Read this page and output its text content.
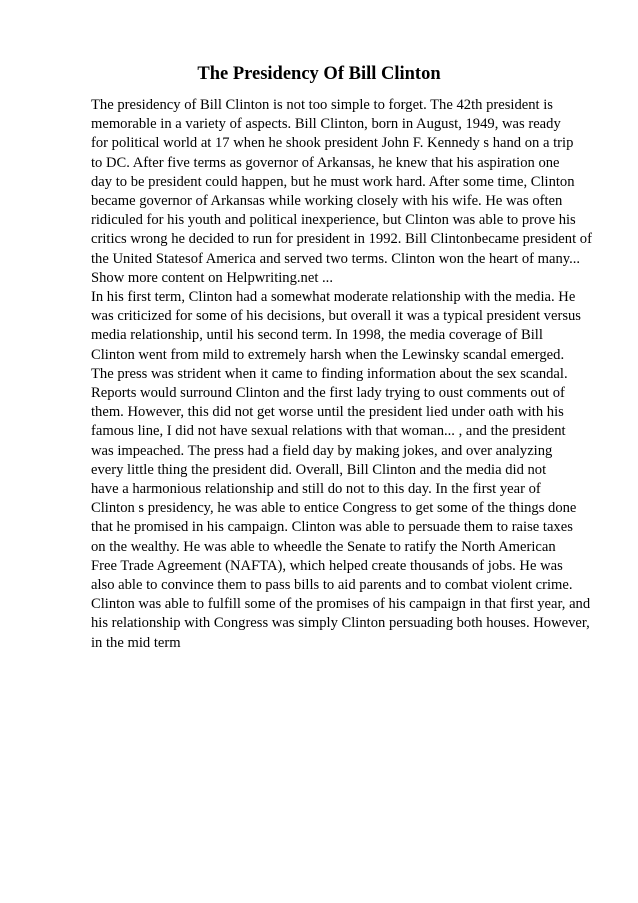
The Presidency Of Bill Clinton
The presidency of Bill Clinton is not too simple to forget. The 42th president is
memorable in a variety of aspects. Bill Clinton, born in August, 1949, was ready
for political world at 17 when he shook president John F. Kennedy s hand on a trip
to DC. After five terms as governor of Arkansas, he knew that his aspiration one
day to be president could happen, but he must work hard. After some time, Clinton
became governor of Arkansas while working closely with his wife. He was often
ridiculed for his youth and political inexperience, but Clinton was able to prove his
critics wrong he decided to run for president in 1992. Bill Clintonbecame president of
the United Statesof America and served two terms. Clinton won the heart of many...
Show more content on Helpwriting.net ...
In his first term, Clinton had a somewhat moderate relationship with the media. He
was criticized for some of his decisions, but overall it was a typical president versus
media relationship, until his second term. In 1998, the media coverage of Bill
Clinton went from mild to extremely harsh when the Lewinsky scandal emerged.
The press was strident when it came to finding information about the sex scandal.
Reports would surround Clinton and the first lady trying to oust comments out of
them. However, this did not get worse until the president lied under oath with his
famous line, I did not have sexual relations with that woman... , and the president
was impeached. The press had a field day by making jokes, and over analyzing
every little thing the president did. Overall, Bill Clinton and the media did not
have a harmonious relationship and still do not to this day. In the first year of
Clinton s presidency, he was able to entice Congress to get some of the things done
that he promised in his campaign. Clinton was able to persuade them to raise taxes
on the wealthy. He was able to wheedle the Senate to ratify the North American
Free Trade Agreement (NAFTA), which helped create thousands of jobs. He was
also able to convince them to pass bills to aid parents and to combat violent crime.
Clinton was able to fulfill some of the promises of his campaign in that first year, and
his relationship with Congress was simply Clinton persuading both houses. However,
in the mid term
